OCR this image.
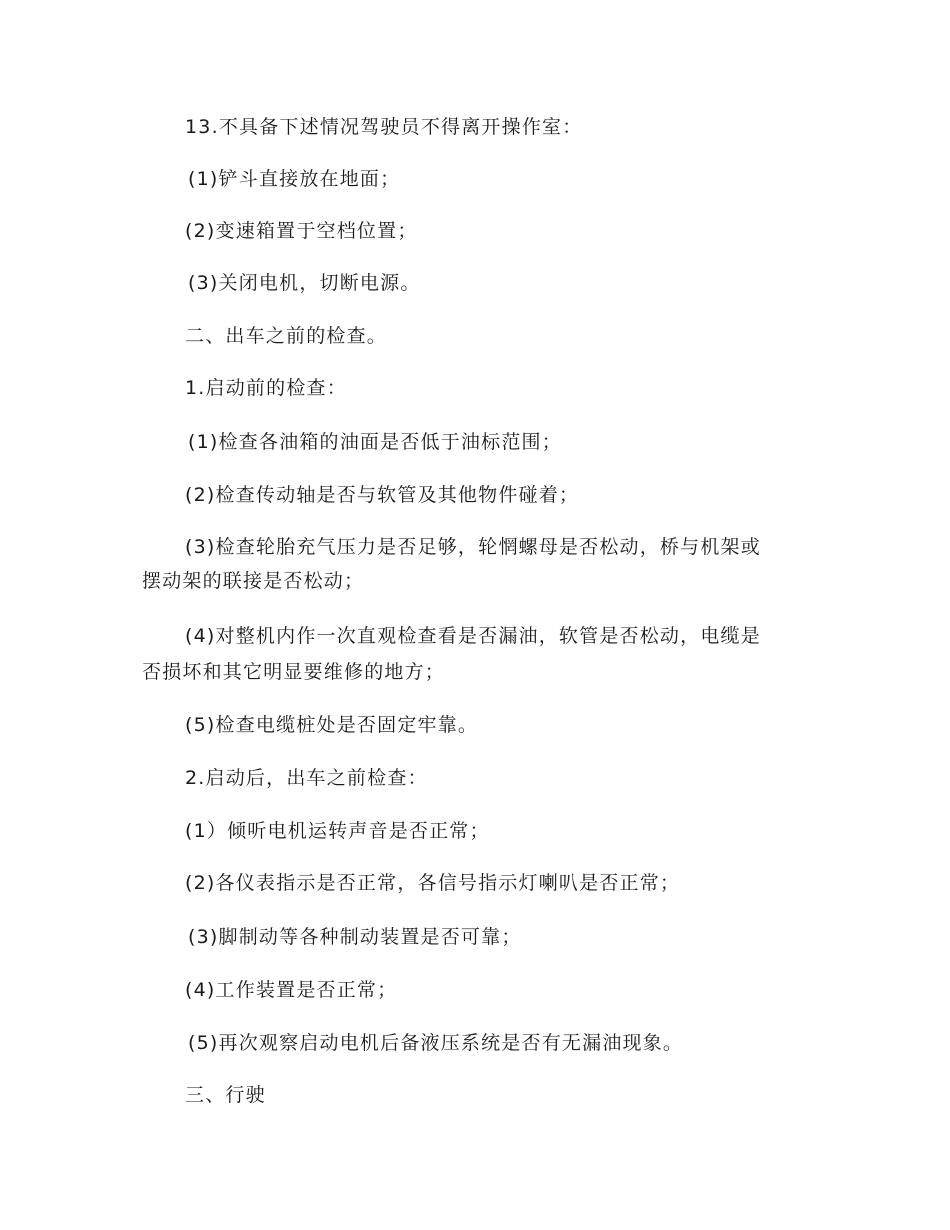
13.不具备下述情况驾驶员不得离开操作室：
(1)铲斗直接放在地面；
(2)变速箱置于空档位置；
(3)关闭电机，切断电源。
二、出车之前的检查。
1.启动前的检查：
(1)检查各油箱的油面是否低于油标范围；
(2)检查传动轴是否与软管及其他物件碰着；
(3)检查轮胎充气压力是否足够，轮惘螺母是否松动，桥与机架或
摆动架的联接是否松动；
(4)对整机内作一次直观检查看是否漏油，软管是否松动，电缆是
否损坏和其它明显要维修的地方；
(5)检查电缆桩处是否固定牢靠。
2.启动后，出车之前检查：
(1）倾听电机运转声音是否正常；
(2)各仪表指示是否正常，各信号指示灯喇叭是否正常；
(3)脚制动等各种制动装置是否可靠；
(4)工作装置是否正常；
(5)再次观察启动电机后备液压系统是否有无漏油现象。
三、行驶
